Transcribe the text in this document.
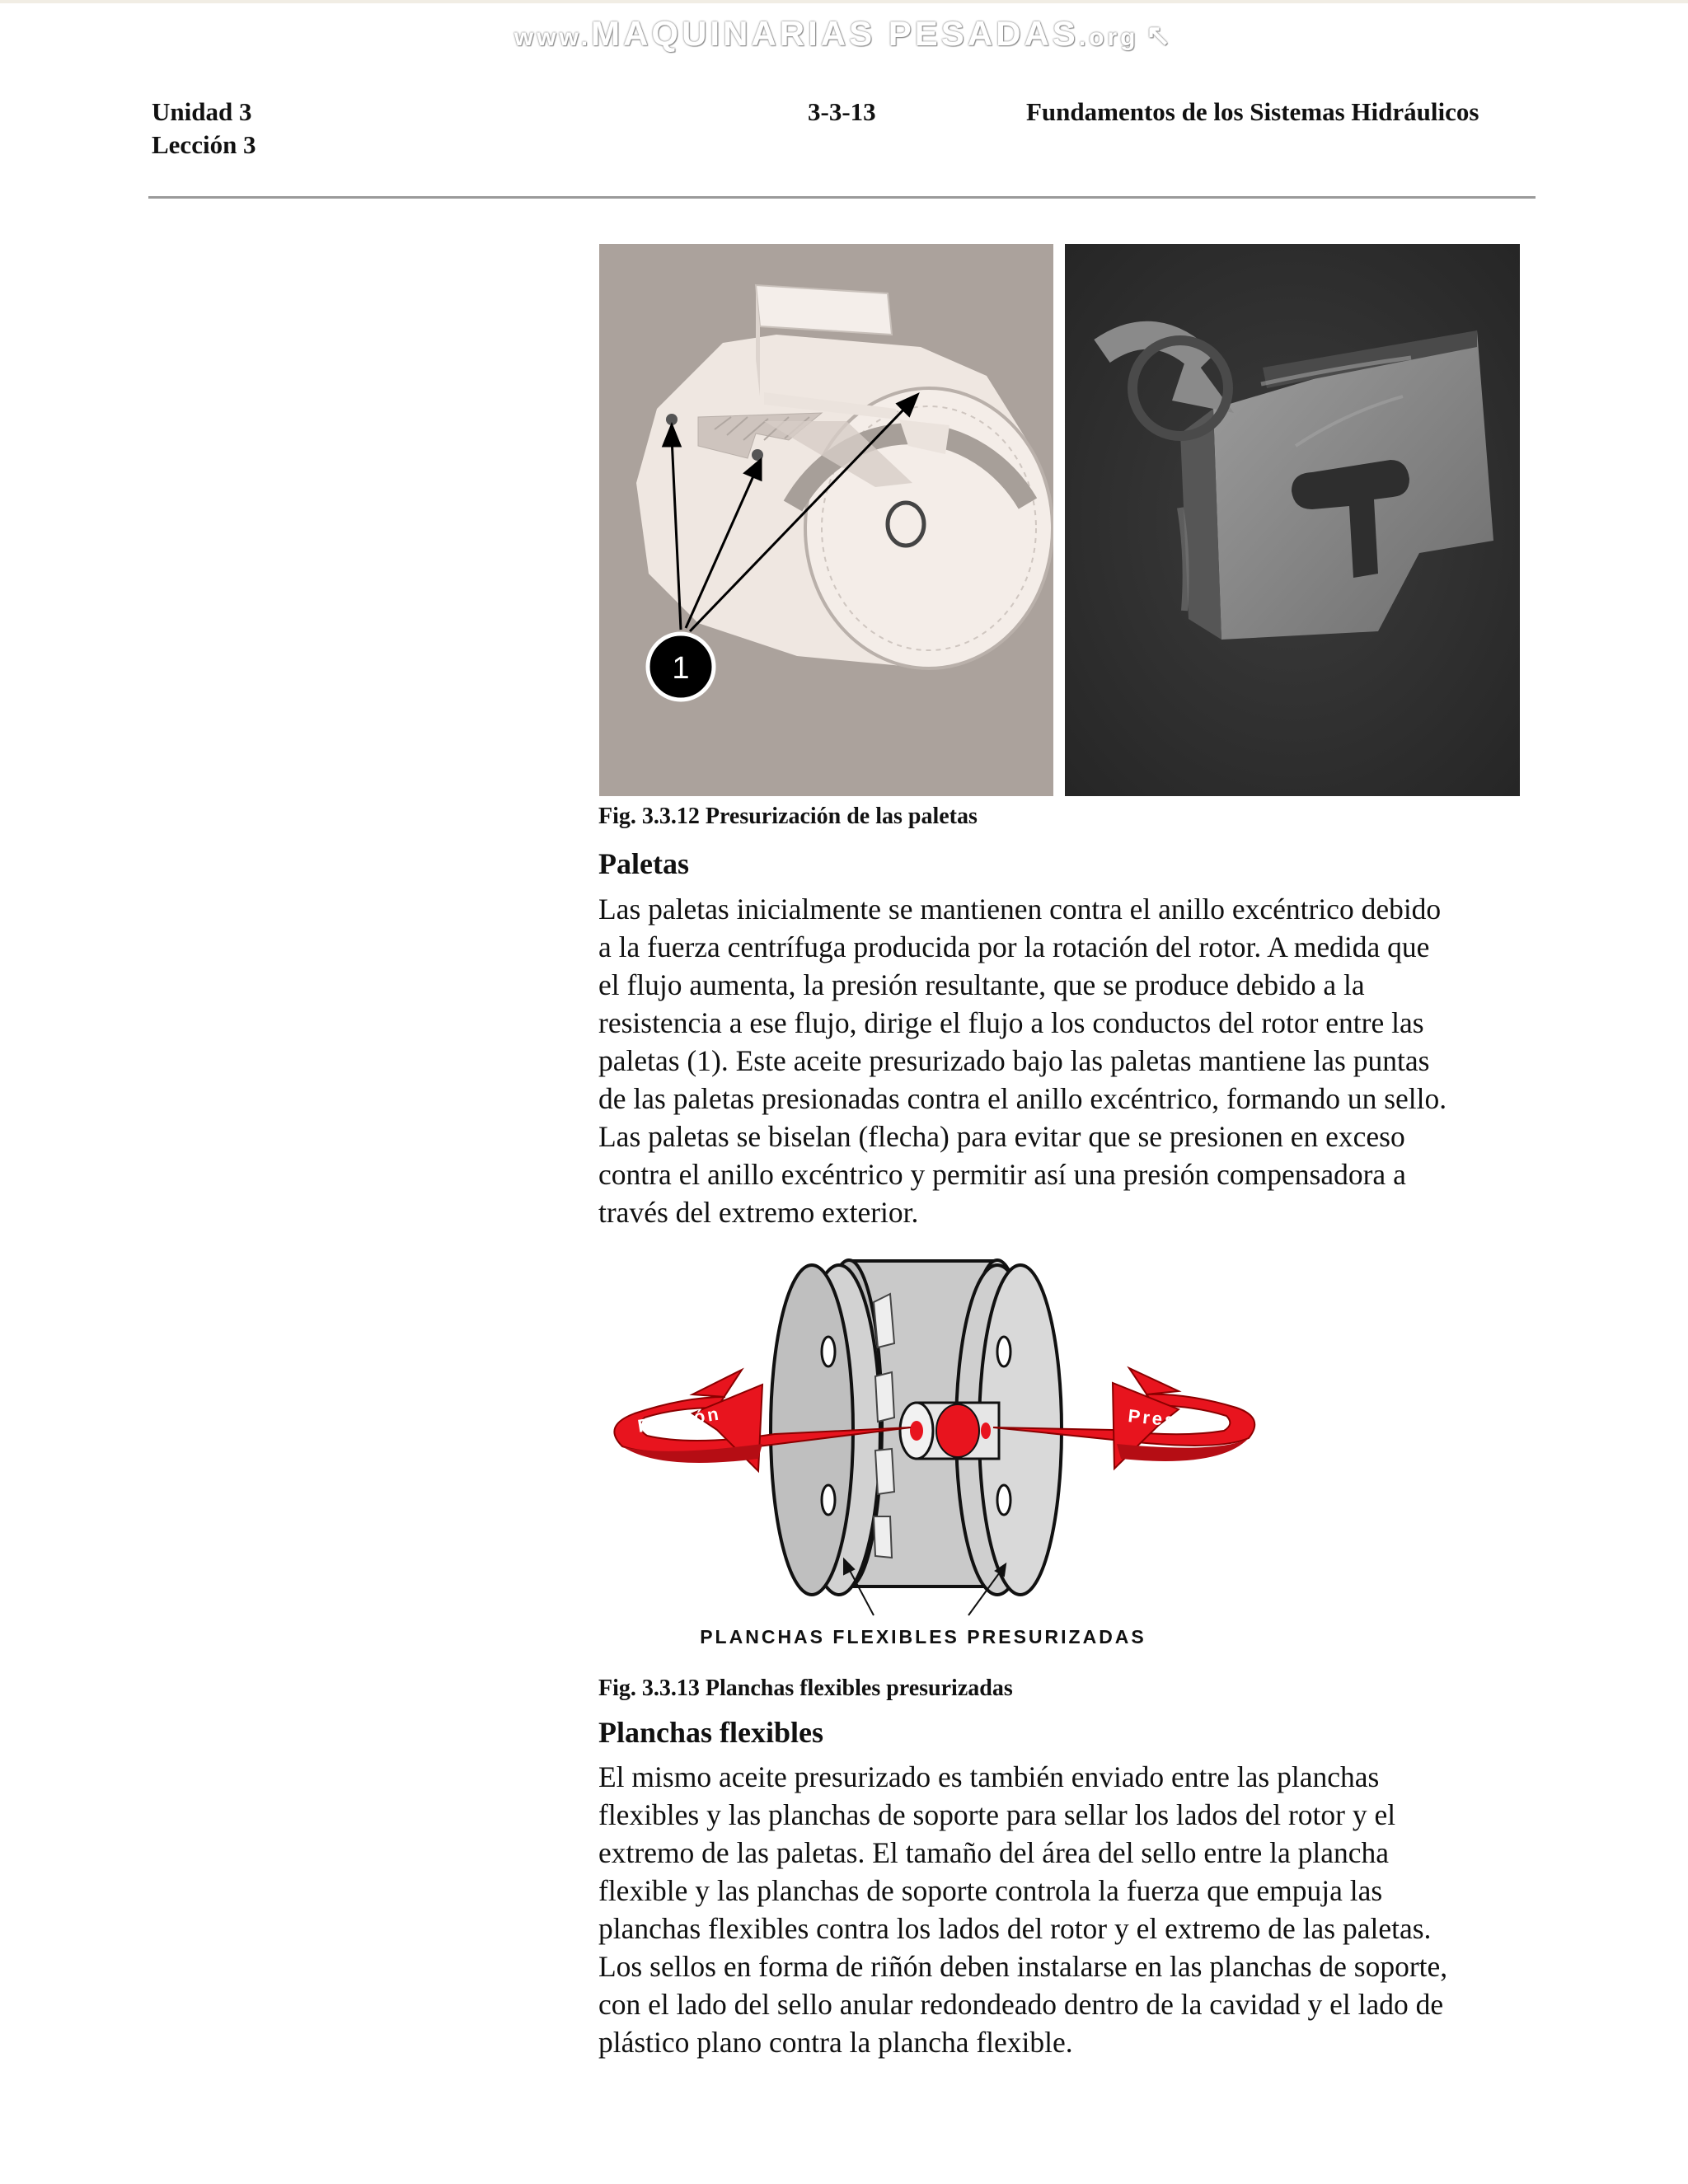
www.MAQUINARIAS PESADAS.org ↖
Unidad 3
Lección 3
3-3-13	Fundamentos de los Sistemas Hidráulicos
1
Fig. 3.3.12 Presurización de las paletas
Paletas
Las paletas inicialmente se mantienen contra el anillo excéntrico debido
a la fuerza centrífuga producida por la rotación del rotor. A medida que
el flujo aumenta, la presión resultante, que se produce debido a la
resistencia a ese flujo, dirige el flujo a los conductos del rotor entre las
paletas (1). Este aceite presurizado bajo las paletas mantiene las puntas
de las paletas presionadas contra el anillo excéntrico, formando un sello.
Las paletas se biselan (flecha) para evitar que se presionen en exceso
contra el anillo excéntrico y permitir así una presión compensadora a
través del extremo exterior.
Presión	Presión
PLANCHAS FLEXIBLES PRESURIZADAS
Fig. 3.3.13 Planchas flexibles presurizadas
Planchas flexibles
El mismo aceite presurizado es también enviado entre las planchas
flexibles y las planchas de soporte para sellar los lados del rotor y el
extremo de las paletas. El tamaño del área del sello entre la plancha
flexible y las planchas de soporte controla la fuerza que empuja las
planchas flexibles contra los lados del rotor y el extremo de las paletas.
Los sellos en forma de riñón deben instalarse en las planchas de soporte,
con el lado del sello anular redondeado dentro de la cavidad y el lado de
plástico plano contra la plancha flexible.
